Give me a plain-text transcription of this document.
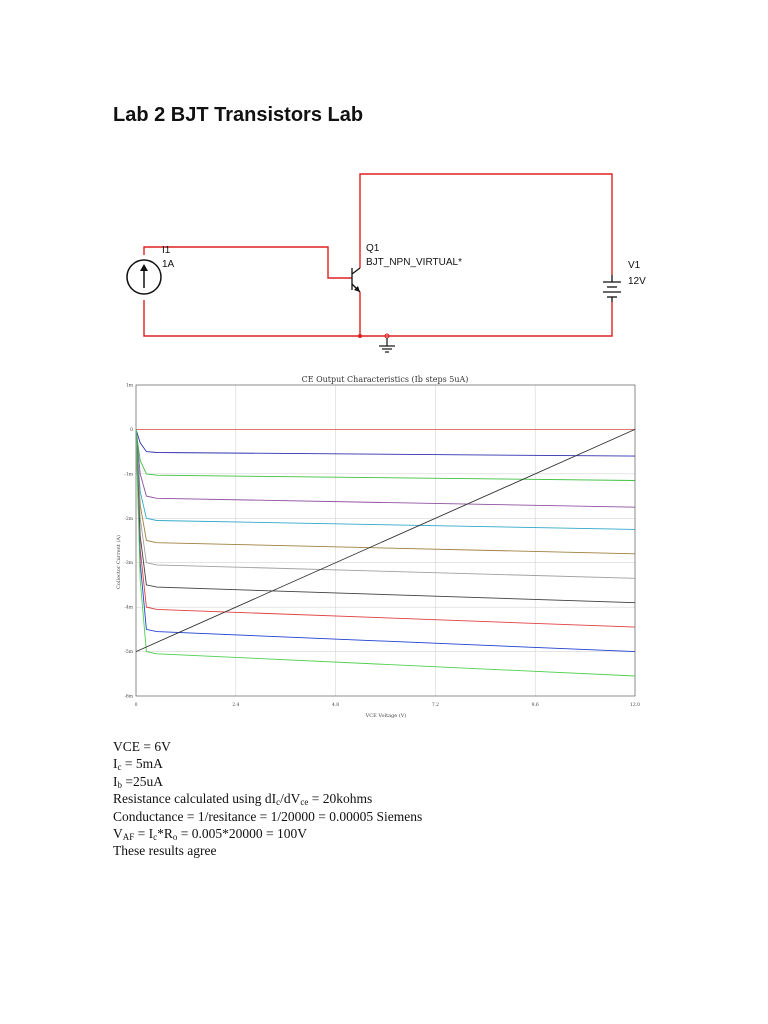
Lab 2 BJT Transistors Lab
I1
1A
Q1
BJT_NPN_VIRTUAL*	V1
12V
CE Output Characteristics (Ib steps 5uA)
0	2.4	4.8	7.2	9.6	12.0
1m
0
-1m
-2m
-3m
-4m
-5m
-6m
VCE Voltage (V)
Collector Current (A)
VCE = 6V
$I_c = 5mA$
$I_b =25uA$
Resistance calculated using $dI_c/dV_{ce}$ = 20kohms
Conductance = 1/resitance = 1/20000 = 0.00005 Siemens
$V_{AF} = I_c*R_o = 0.005*20000 = 100V$
These results agree
